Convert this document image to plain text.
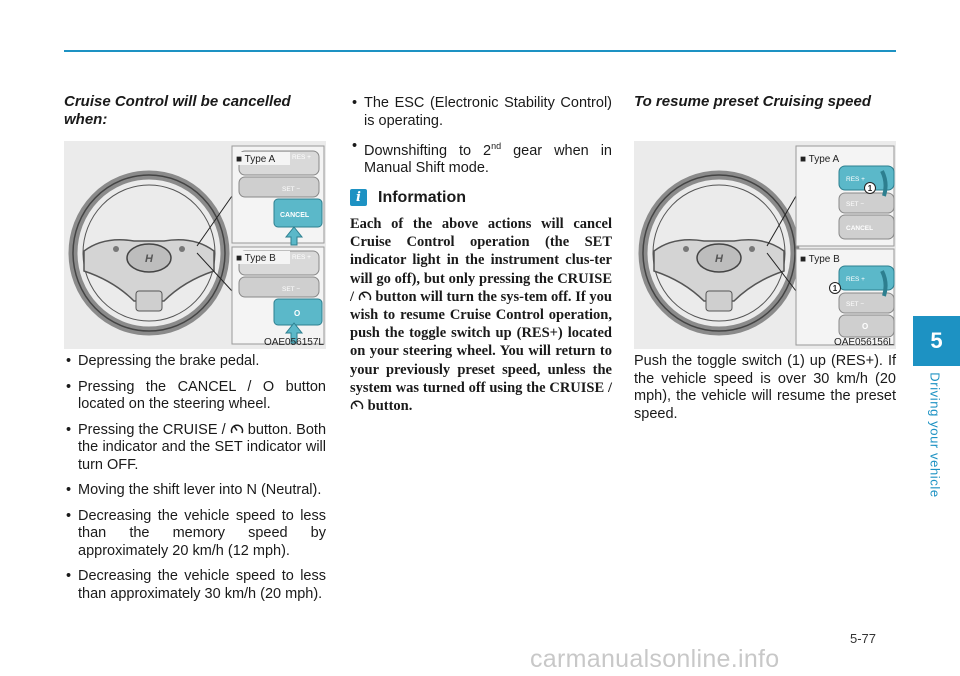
Cruise Control will be cancelled when:
H
RES +
SET −
CANCEL
RES +
SET −
O
■ Type A
■ Type B
OAE056157L
• Depressing the brake pedal.
• Pressing the CANCEL / O button located on the steering wheel.
• Pressing the CRUISE /  button. Both the indicator and the SET indicator will turn OFF.
• Moving the shift lever into N (Neutral).
• Decreasing the vehicle speed to less than the memory speed by approximately 20 km/h (12 mph).
• Decreasing the vehicle speed to less than approximately 30 km/h (20 mph).
• The ESC (Electronic Stability Control) is operating.
• Downshifting to 2nd gear when in Manual Shift mode.
i	Information
Each of the above actions will cancel Cruise Control operation (the SET indicator light in the instrument clus-ter will go off), but only pressing the CRUISE /  button will turn the sys-tem off. If you wish to resume Cruise Control operation, push the toggle switch up (RES+) located on your steering wheel. You will return to your previously preset speed, unless the system was turned off using the CRUISE /  button.
To resume preset Cruising speed
H
RES +
SET −
CANCEL
1
RES +
SET −
O
1
■ Type A
■ Type B
OAE056156L
Push the toggle switch (1) up (RES+). If the vehicle speed is over 30 km/h (20 mph), the vehicle will resume the preset speed.
5
Driving your vehicle
5-77
carmanualsonline.info
